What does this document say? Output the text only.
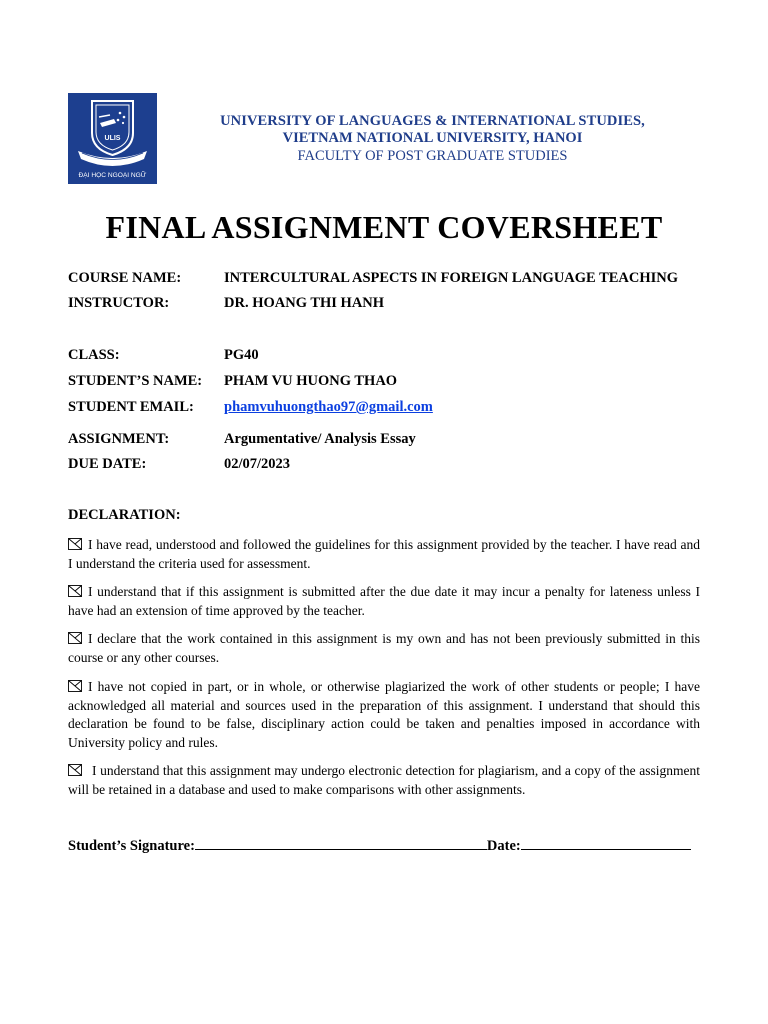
ULIS
ĐẠI HỌC NGOẠI NGỮ
UNIVERSITY OF LANGUAGES & INTERNATIONAL STUDIES,
VIETNAM NATIONAL UNIVERSITY, HANOI
FACULTY OF POST GRADUATE STUDIES
FINAL ASSIGNMENT COVERSHEET
COURSE NAME:	INTERCULTURAL ASPECTS IN FOREIGN LANGUAGE TEACHING
INSTRUCTOR:	DR. HOANG THI HANH
CLASS:	PG40
STUDENT’S NAME: PHAM VU HUONG THAO
STUDENT EMAIL: phamvuhuongthao97@gmail.com
ASSIGNMENT:	Argumentative/ Analysis Essay
DUE DATE:	02/07/2023
DECLARATION:
I have read, understood and followed the guidelines for this assignment provided by the teacher. I have read and I understand the criteria used for assessment.
I understand that if this assignment is submitted after the due date it may incur a penalty for lateness unless I have had an extension of time approved by the teacher.
I declare that the work contained in this assignment is my own and has not been previously submitted in this course or any other courses.
I have not copied in part, or in whole, or otherwise plagiarized the work of other students or people; I have acknowledged all material and sources used in the preparation of this assignment. I understand that should this declaration be found to be false, disciplinary action could be taken and penalties imposed in accordance with University policy and rules.
I understand that this assignment may undergo electronic detection for plagiarism, and a copy of the assignment will be retained in a database and used to make comparisons with other assignments.
Student’s Signature:	Date:
